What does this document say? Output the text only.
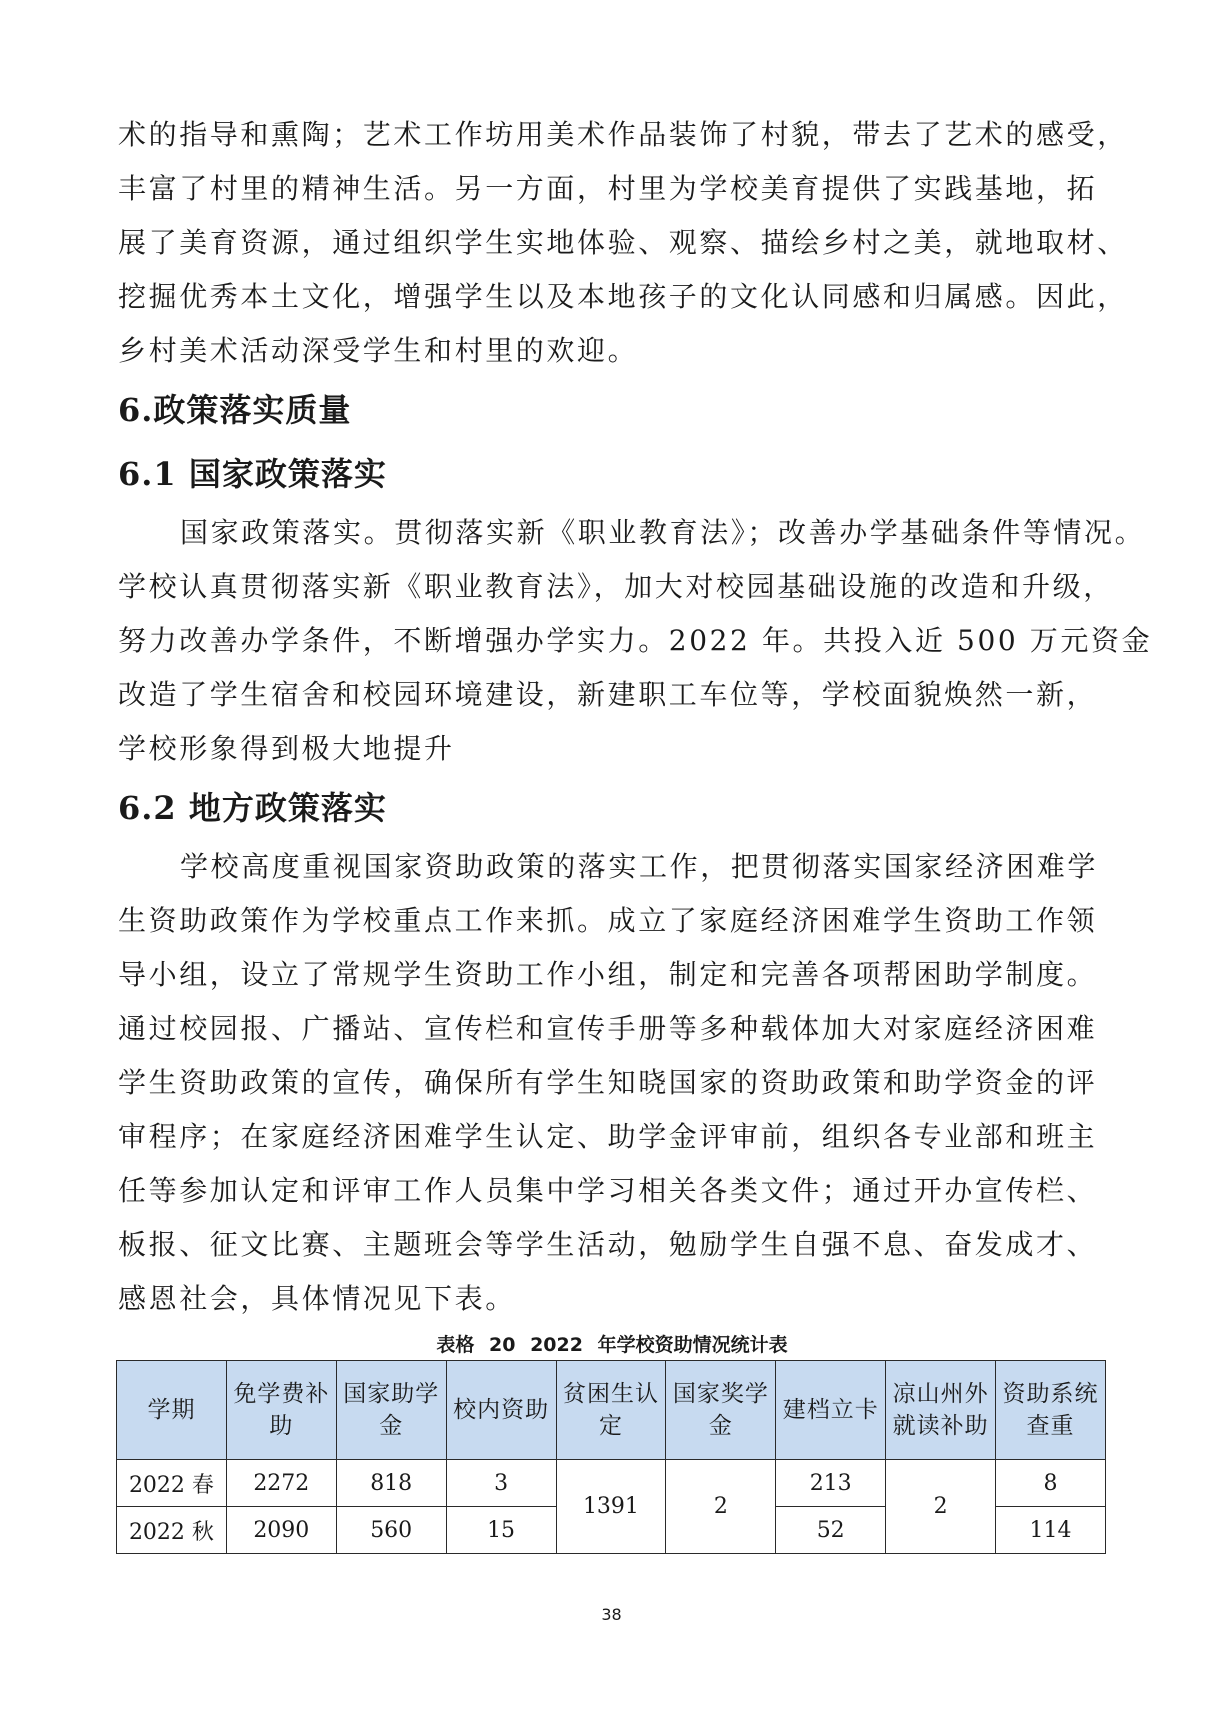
术的指导和熏陶；艺术工作坊用美术作品装饰了村貌，带去了艺术的感受，
丰富了村里的精神生活。另一方面，村里为学校美育提供了实践基地，拓
展了美育资源，通过组织学生实地体验、观察、描绘乡村之美，就地取材、
挖掘优秀本土文化，增强学生以及本地孩子的文化认同感和归属感。因此，
乡村美术活动深受学生和村里的欢迎。
6.政策落实质量
6.1 国家政策落实
国家政策落实。贯彻落实新《职业教育法》；改善办学基础条件等情况。
学校认真贯彻落实新《职业教育法》，加大对校园基础设施的改造和升级，
努力改善办学条件，不断增强办学实力。2022 年。共投入近 500 万元资金
改造了学生宿舍和校园环境建设，新建职工车位等，学校面貌焕然一新，
学校形象得到极大地提升
6.2 地方政策落实
学校高度重视国家资助政策的落实工作，把贯彻落实国家经济困难学
生资助政策作为学校重点工作来抓。成立了家庭经济困难学生资助工作领
导小组，设立了常规学生资助工作小组，制定和完善各项帮困助学制度。
通过校园报、广播站、宣传栏和宣传手册等多种载体加大对家庭经济困难
学生资助政策的宣传，确保所有学生知晓国家的资助政策和助学资金的评
审程序；在家庭经济困难学生认定、助学金评审前，组织各专业部和班主
任等参加认定和评审工作人员集中学习相关各类文件；通过开办宣传栏、
板报、征文比赛、主题班会等学生活动，勉励学生自强不息、奋发成才、
感恩社会，具体情况见下表。
表格 20 2022 年学校资助情况统计表
学期	免学费补助	国家助学金	校内资助	贫困生认定	国家奖学金	建档立卡	凉山州外就读补助	资助系统查重
2022 春	2272	818	3	1391	2	213	2	8
2022 秋	2090	560	15			52		114
38
